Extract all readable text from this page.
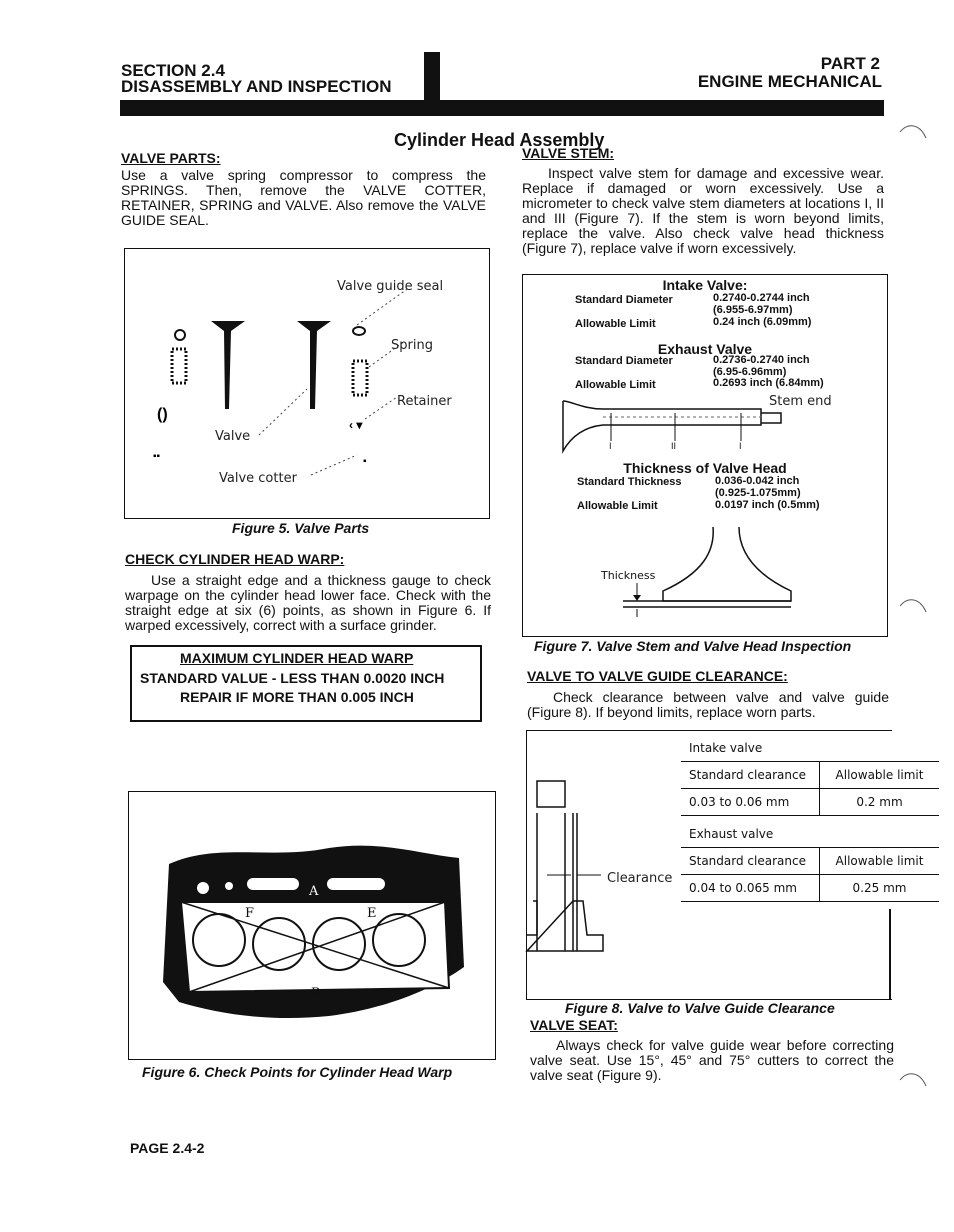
SECTION 2.4
DISASSEMBLY AND INSPECTION
PART 2
ENGINE MECHANICAL
Cylinder Head Assembly
VALVE PARTS:
Use a valve spring compressor to compress the SPRINGS. Then, remove the VALVE COTTER, RETAINER, SPRING and VALVE. Also remove the VALVE GUIDE SEAL.
()
▪▪
‹ ▾
▪
Valve guide seal
Spring
Retainer
Valve
Valve cotter
Figure 5. Valve Parts
CHECK CYLINDER HEAD WARP:
Use a straight edge and a thickness gauge to check warpage on the cylinder head lower face. Check with the straight edge at six (6) points, as shown in Figure 6. If warped excessively, correct with a surface grinder.
MAXIMUM CYLINDER HEAD WARP
STANDARD VALUE - LESS THAN 0.0020 INCH
REPAIR IF MORE THAN 0.005 INCH
A
F	E
G	D
B
Figure 6. Check Points for Cylinder Head Warp
VALVE STEM:
Inspect valve stem for damage and excessive wear. Replace if damaged or worn excessively. Use a micrometer to check valve stem diameters at locations I, II and III (Figure 7). If the stem is worn beyond limits, replace the valve. Also check valve head thickness (Figure 7), replace valve if worn excessively.
Intake Valve:
Standard Diameter	0.2740-0.2744 inch
(6.955-6.97mm)
Allowable Limit	0.24 inch (6.09mm)
Exhaust Valve
Standard Diameter	0.2736-0.2740 inch
(6.95-6.96mm)
Allowable Limit	0.2693 inch (6.84mm)
Stem end
I	II	I
Thickness of Valve Head
Standard Thickness	0.036-0.042 inch
(0.925-1.075mm)
Allowable Limit	0.0197 inch (0.5mm)
Thickness
Figure 7. Valve Stem and Valve Head Inspection
VALVE TO VALVE GUIDE CLEARANCE:
Check clearance between valve and valve guide (Figure 8). If beyond limits, replace worn parts.
Clearance
Intake valve
Standard clearance	Allowable limit
0.03 to 0.06 mm	0.2 mm
Exhaust valve
Standard clearance	Allowable limit
0.04 to 0.065 mm	0.25 mm
Figure 8. Valve to Valve Guide Clearance
VALVE SEAT:
Always check for valve guide wear before correcting valve seat. Use 15°, 45° and 75° cutters to correct the valve seat (Figure 9).
PAGE 2.4-2
